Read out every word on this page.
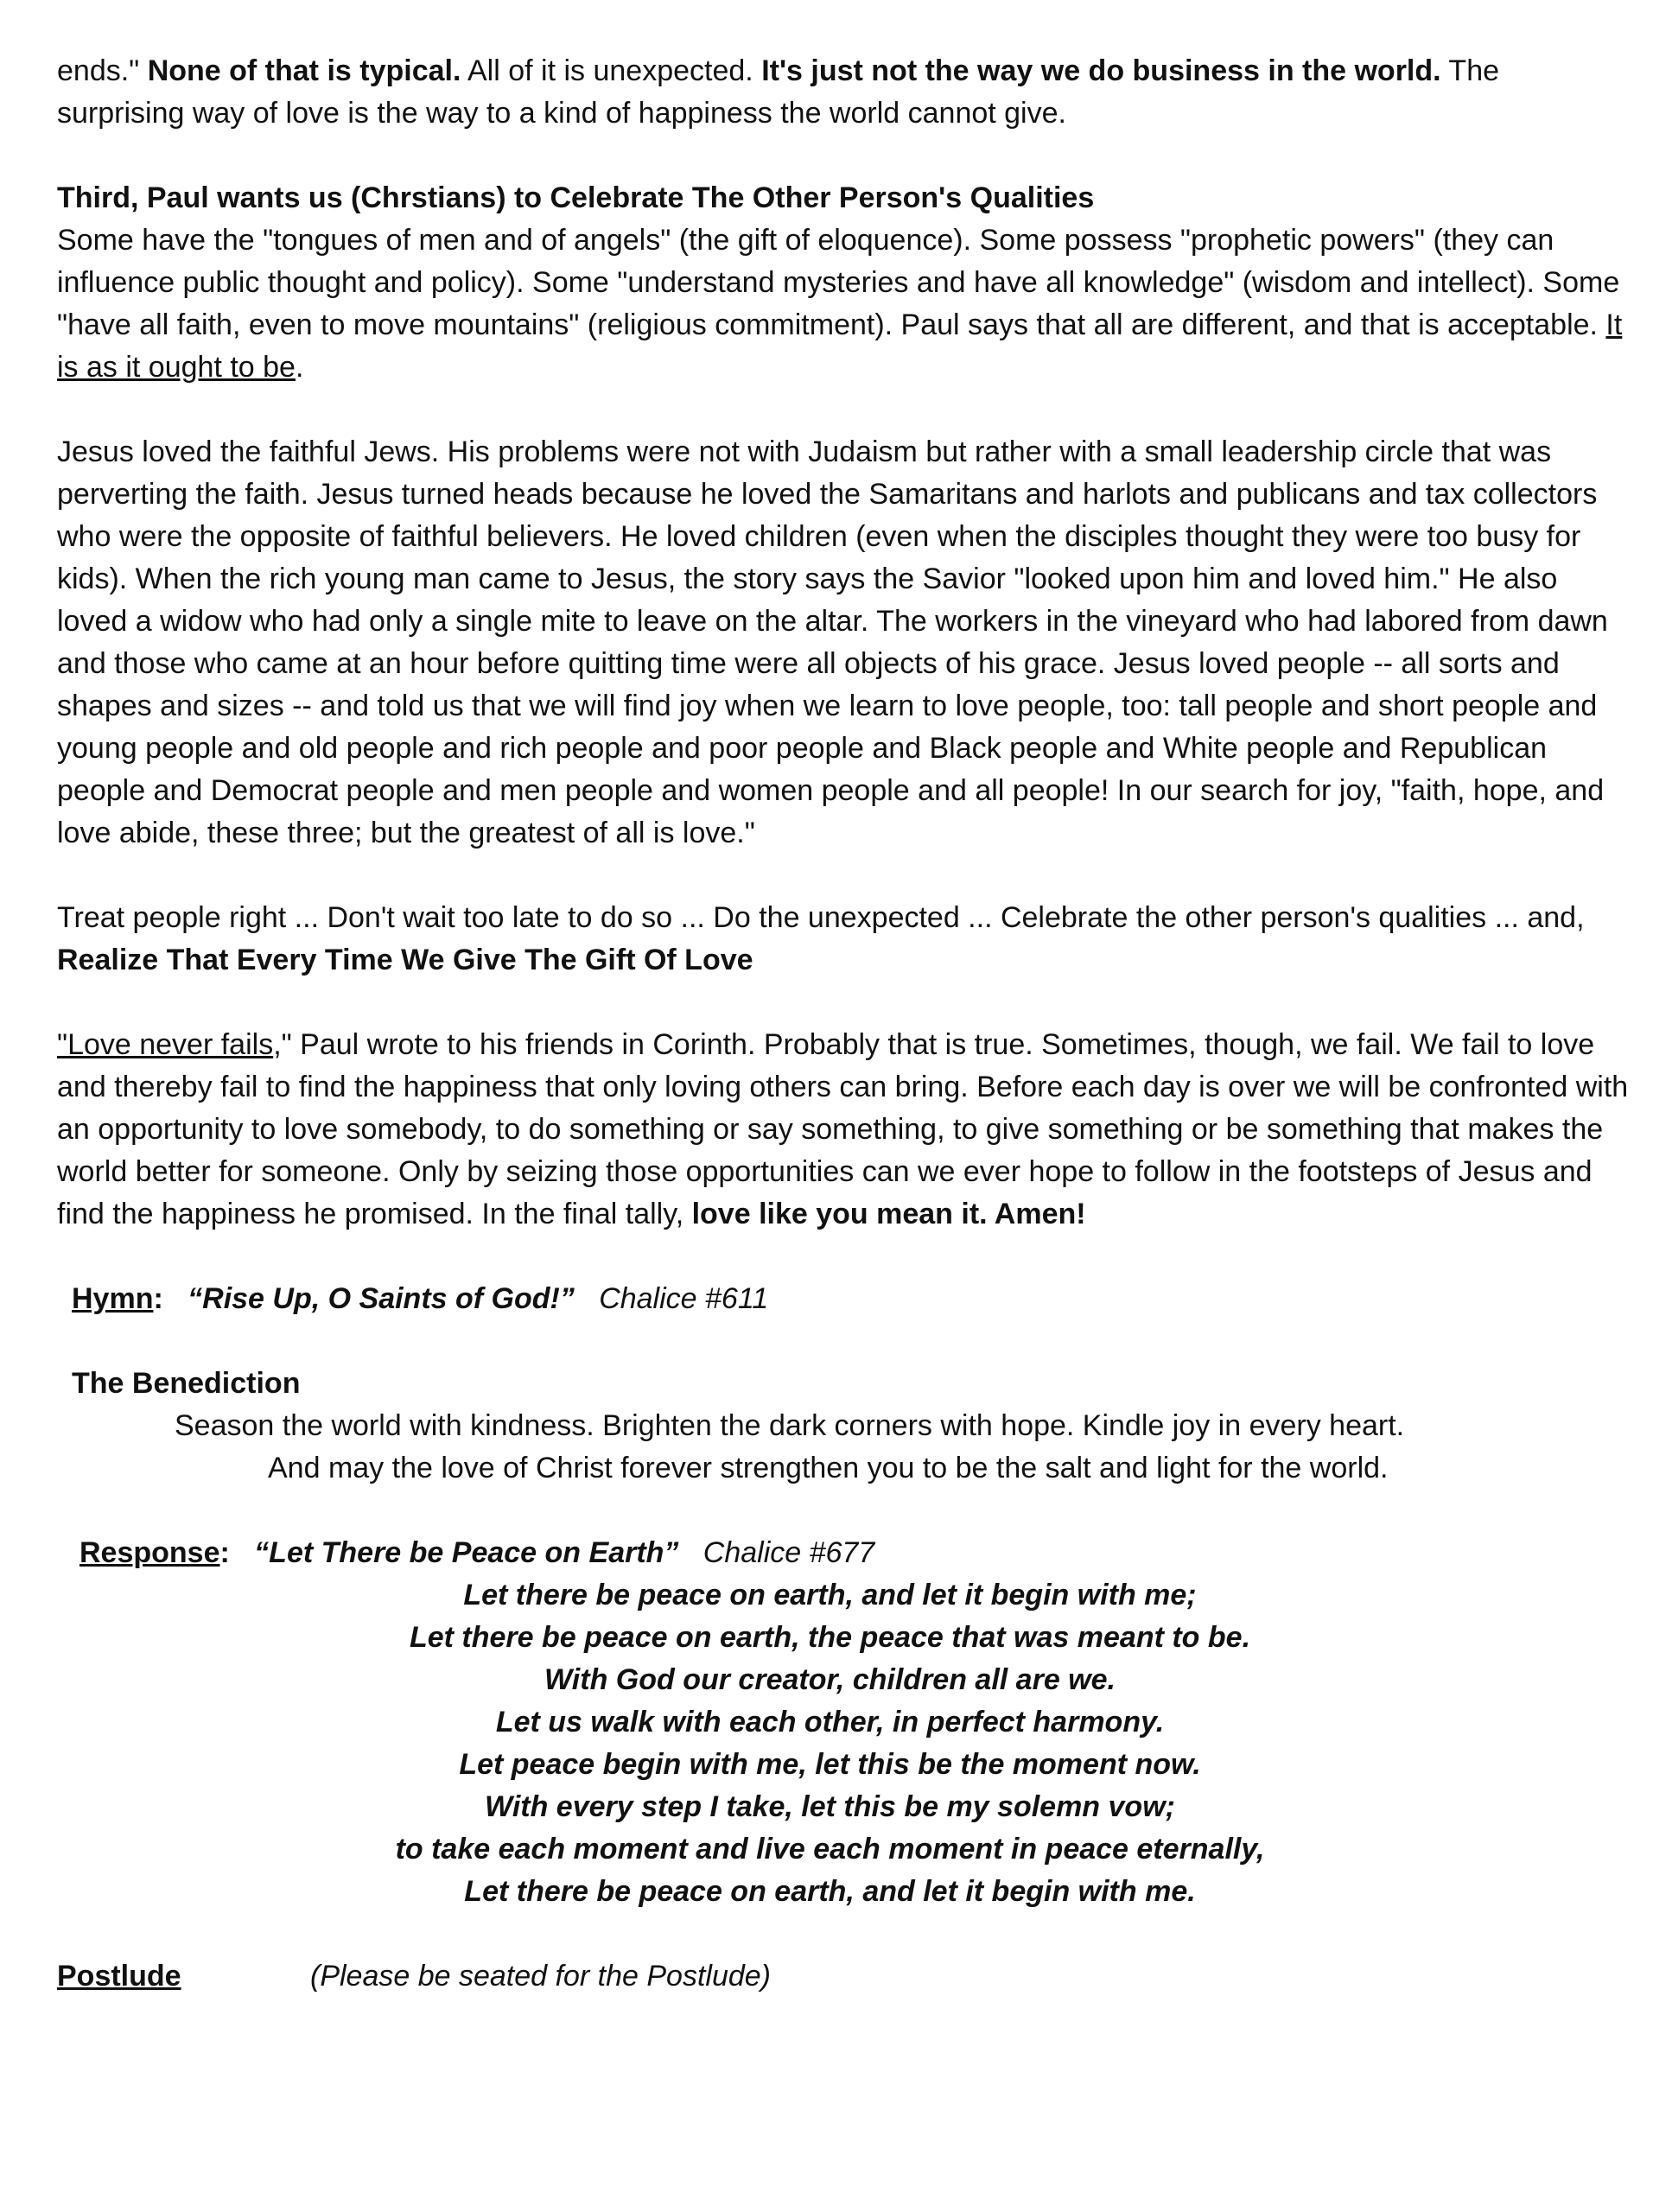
ends." None of that is typical. All of it is unexpected. It's just not the way we do business in the world. The surprising way of love is the way to a kind of happiness the world cannot give.

Third, Paul wants us (Chrstians) to Celebrate The Other Person's Qualities

Some have the "tongues of men and of angels" (the gift of eloquence). Some possess "prophetic powers" (they can influence public thought and policy). Some "understand mysteries and have all knowledge" (wisdom and intellect). Some "have all faith, even to move mountains" (religious commitment). Paul says that all are different, and that is acceptable. It is as it ought to be.

Jesus loved the faithful Jews. His problems were not with Judaism but rather with a small leadership circle that was perverting the faith. Jesus turned heads because he loved the Samaritans and harlots and publicans and tax collectors who were the opposite of faithful believers. He loved children (even when the disciples thought they were too busy for kids). When the rich young man came to Jesus, the story says the Savior "looked upon him and loved him." He also loved a widow who had only a single mite to leave on the altar. The workers in the vineyard who had labored from dawn and those who came at an hour before quitting time were all objects of his grace. Jesus loved people -- all sorts and shapes and sizes -- and told us that we will find joy when we learn to love people, too: tall people and short people and young people and old people and rich people and poor people and Black people and White people and Republican people and Democrat people and men people and women people and all people! In our search for joy, "faith, hope, and love abide, these three; but the greatest of all is love."

Treat people right ... Don't wait too late to do so ... Do the unexpected ... Celebrate the other person's qualities ... and, Realize That Every Time We Give The Gift Of Love

"Love never fails," Paul wrote to his friends in Corinth. Probably that is true. Sometimes, though, we fail. We fail to love and thereby fail to find the happiness that only loving others can bring. Before each day is over we will be confronted with an opportunity to love somebody, to do something or say something, to give something or be something that makes the world better for someone. Only by seizing those opportunities can we ever hope to follow in the footsteps of Jesus and find the happiness he promised. In the final tally, love like you mean it. Amen!

Hymn: “Rise Up, O Saints of God!” Chalice #611

The Benediction

Season the world with kindness. Brighten the dark corners with hope. Kindle joy in every heart.

And may the love of Christ forever strengthen you to be the salt and light for the world.

Response: “Let There be Peace on Earth” Chalice #677

Let there be peace on earth, and let it begin with me;

Let there be peace on earth, the peace that was meant to be.

With God our creator, children all are we.

Let us walk with each other, in perfect harmony.

Let peace begin with me, let this be the moment now.

With every step I take, let this be my solemn vow;

to take each moment and live each moment in peace eternally,

Let there be peace on earth, and let it begin with me.

Postlude	(Please be seated for the Postlude)
